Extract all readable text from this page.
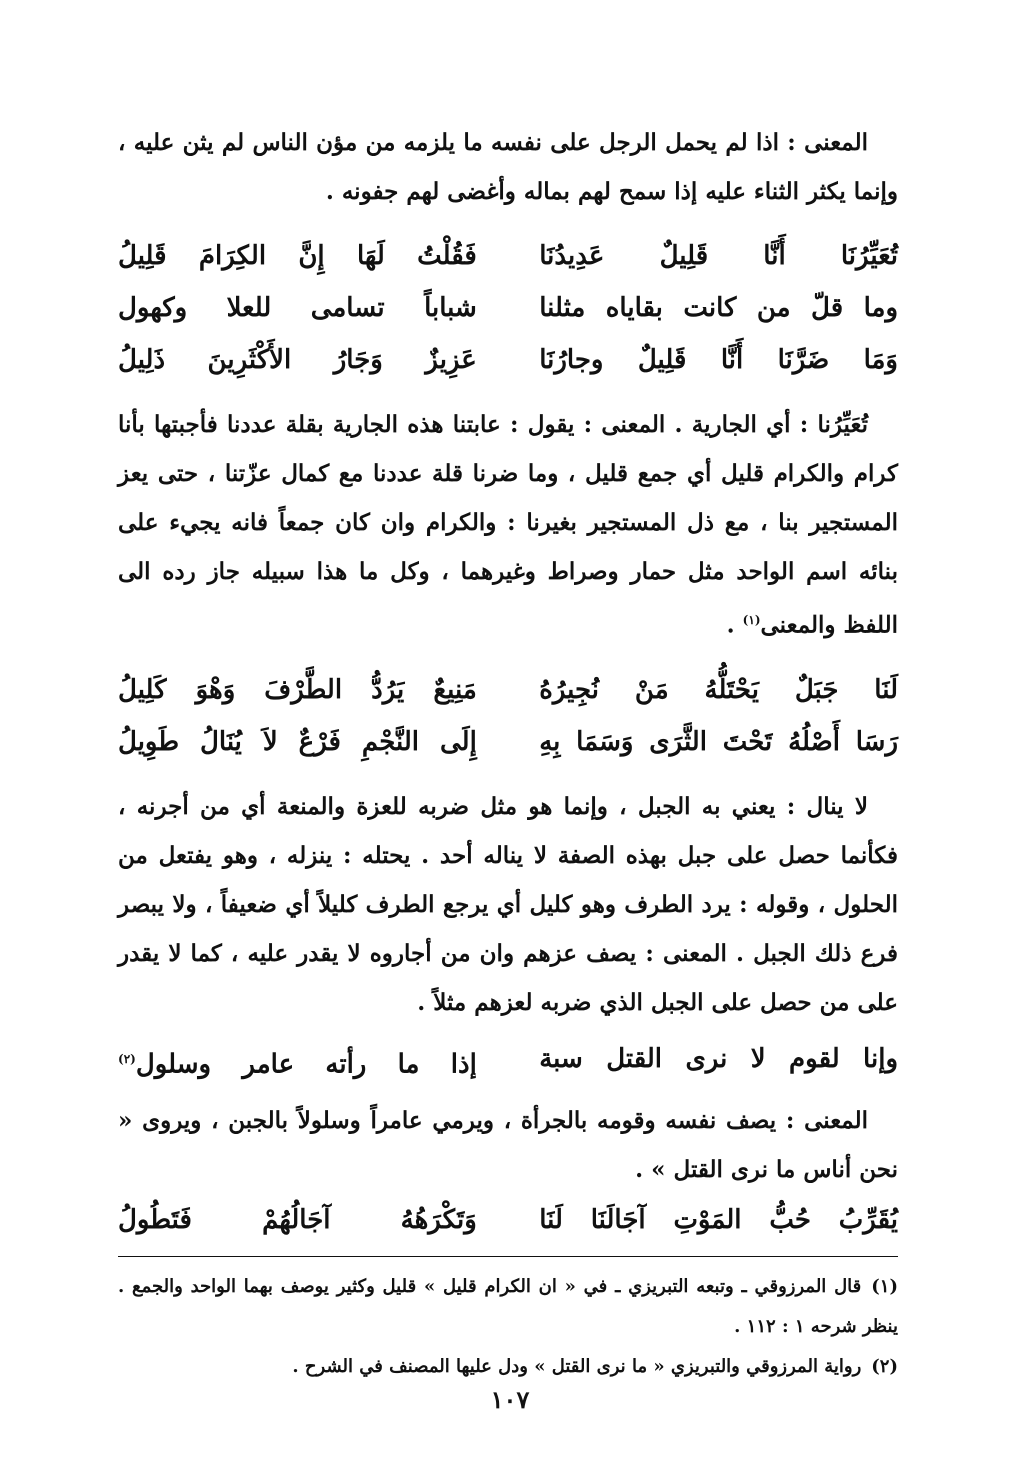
المعنى : اذا لم يحمل الرجل على نفسه ما يلزمه من مؤن الناس لم يثن عليه ، وإنما يكثر الثناء عليه إذا سمح لهم بماله وأغضى لهم جفونه .

تُعَيِّرُنَا أَنَّا قَلِيلٌ عَدِيدُنَا
فَقُلْتُ لَهَا إِنَّ الكِرَامَ قَلِيلُ
وما قلّ من كانت بقاياه مثلنا
شباباً تسامى للعلا وكهول
وَمَا ضَرَّنَا أَنَّا قَلِيلٌ وجارُنَا
عَزِيزٌ وَجَارُ الأَكْثَرِينَ ذَلِيلُ

تُعَيِّرُنا : أي الجارية . المعنى : يقول : عابتنا هذه الجارية بقلة عددنا فأجبتها بأنا كرام والكرام قليل أي جمع قليل ، وما ضرنا قلة عددنا مع كمال عزّتنا ، حتى يعز المستجير بنا ، مع ذل المستجير بغيرنا : والكرام وان كان جمعاً فانه يجيء على بنائه اسم الواحد مثل حمار وصراط وغيرهما ، وكل ما هذا سبيله جاز رده الى اللفظ والمعنى$^{(١)}$ .

لَنَا جَبَلٌ يَحْتَلُّهُ مَنْ نُجِيرُهُ
مَنِيعٌ يَرُدُّ الطَّرْفَ وَهْوَ كَلِيلُ
رَسَا أَصْلُهُ تَحْتَ الثَّرَى وَسَمَا بِهِ
إِلَى النَّجْمِ فَرْعٌ لاَ يُنَالُ طَوِيلُ

لا ينال : يعني به الجبل ، وإنما هو مثل ضربه للعزة والمنعة أي من أجرنه ، فكأنما حصل على جبل بهذه الصفة لا يناله أحد . يحتله : ينزله ، وهو يفتعل من الحلول ، وقوله : يرد الطرف وهو كليل أي يرجع الطرف كليلاً أي ضعيفاً ، ولا يبصر فرع ذلك الجبل . المعنى : يصف عزهم وان من أجاروه لا يقدر عليه ، كما لا يقدر على من حصل على الجبل الذي ضربه لعزهم مثلاً .

وإنا لقوم لا نرى القتل سبة
إذا ما رأته عامر وسلول$^{(٢)}$

المعنى : يصف نفسه وقومه بالجرأة ، ويرمي عامراً وسلولاً بالجبن ، ويروى « نحن أناس ما نرى القتل » .

يُقَرِّبُ حُبُّ المَوْتِ آجَالَنَا لَنَا
وَتَكْرَهُهُ آجَالُهُمْ فَتَطُولُ

(١)قال المرزوقي ـ وتبعه التبريزي ـ في « ان الكرام قليل » قليل وكثير يوصف بهما الواحد والجمع . ينظر شرحه ١ : ١١٢ .

(٢)رواية المرزوقي والتبريزي « ما نرى القتل » ودل عليها المصنف في الشرح .

١٠٧
